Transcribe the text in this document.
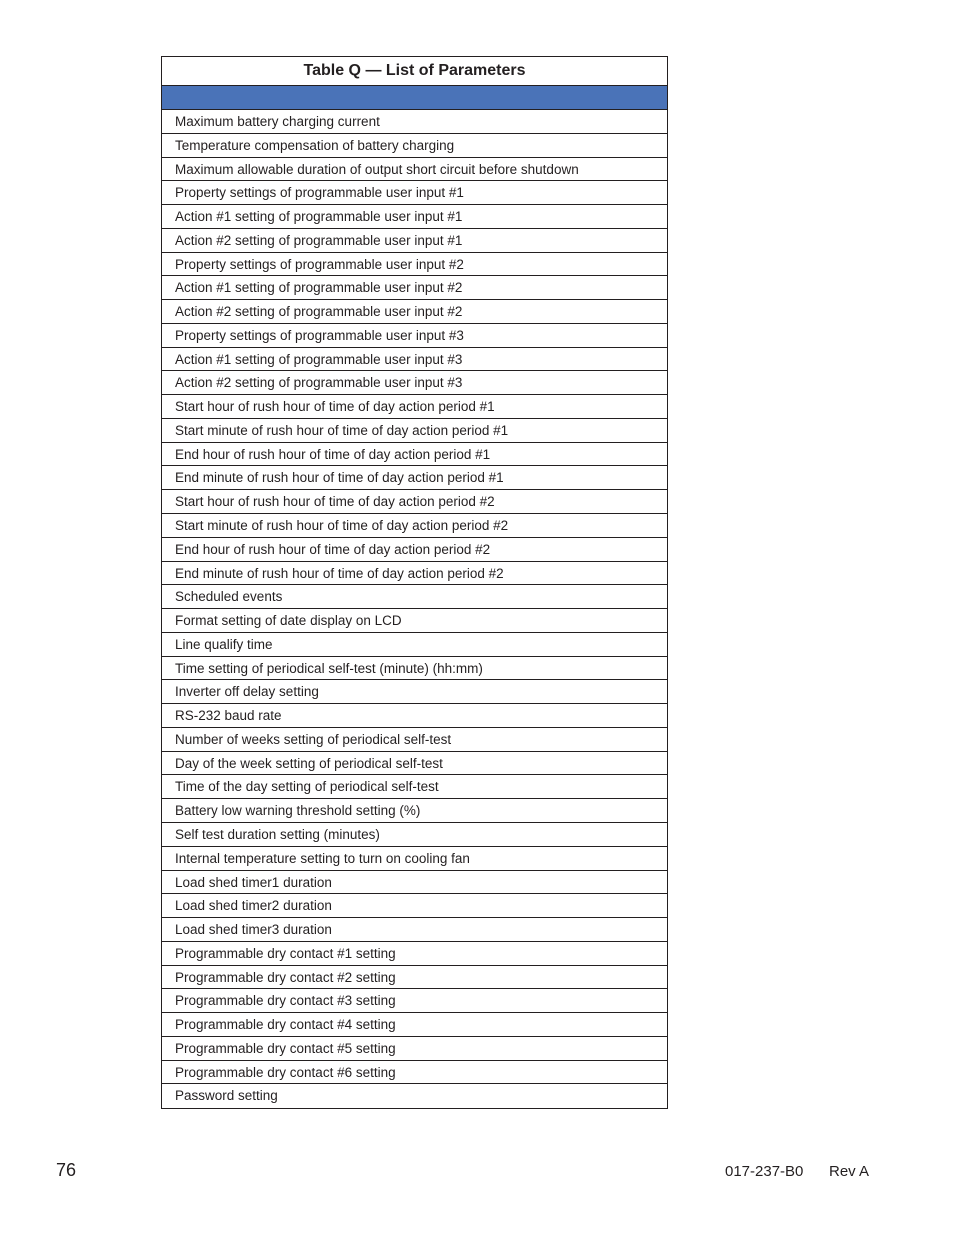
Table Q — List of Parameters
Maximum battery charging current
Temperature compensation of battery charging
Maximum allowable duration of output short circuit before shutdown
Property settings of programmable user input #1
Action #1 setting of programmable user input #1
Action #2 setting of programmable user input #1
Property settings of programmable user input #2
Action #1 setting of programmable user input #2
Action #2 setting of programmable user input #2
Property settings of programmable user input #3
Action #1 setting of programmable user input #3
Action #2 setting of programmable user input #3
Start hour of rush hour of time of day action period #1
Start minute of rush hour of time of day action period #1
End hour of rush hour of time of day action period #1
End minute of rush hour of time of day action period #1
Start hour of rush hour of time of day action period #2
Start minute of rush hour of time of day action period #2
End hour of rush hour of time of day action period #2
End minute of rush hour of time of day action period #2
Scheduled events
Format setting of date display on LCD
Line qualify time
Time setting of periodical self-test (minute) (hh:mm)
Inverter off delay setting
RS-232 baud rate
Number of weeks setting of periodical self-test
Day of the week setting of periodical self-test
Time of the day setting of periodical self-test
Battery low warning threshold setting (%)
Self test duration setting (minutes)
Internal temperature setting to turn on cooling fan
Load shed timer1 duration
Load shed timer2 duration
Load shed timer3 duration
Programmable dry contact #1 setting
Programmable dry contact #2 setting
Programmable dry contact #3 setting
Programmable dry contact #4 setting
Programmable dry contact #5 setting
Programmable dry contact #6 setting
Password setting
76	017-237-B0 Rev A
